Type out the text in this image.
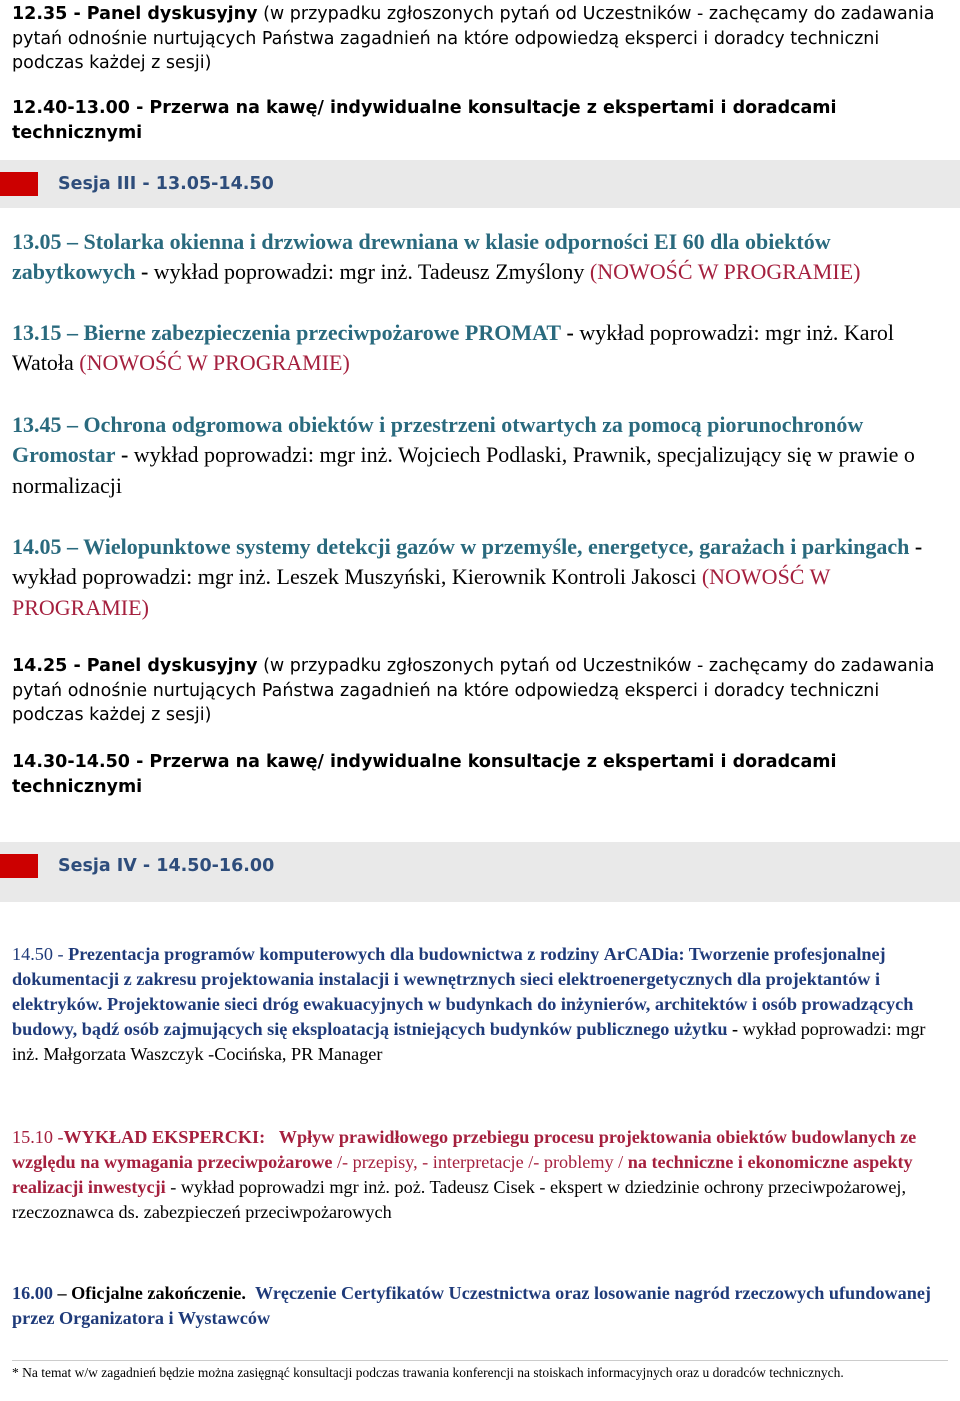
12.35 - Panel dyskusyjny (w przypadku zgłoszonych pytań od Uczestników - zachęcamy do zadawania pytań odnośnie nurtujących Państwa zagadnień na które odpowiedzą eksperci i doradcy techniczni podczas każdej z sesji)
12.40-13.00 - Przerwa na kawę/ indywidualne konsultacje z ekspertami i doradcami technicznymi
Sesja III - 13.05-14.50
13.05 – Stolarka okienna i drzwiowa drewniana w klasie odporności EI 60 dla obiektów zabytkowych - wykład poprowadzi: mgr inż. Tadeusz Zmyślony (NOWOŚĆ W PROGRAMIE)
13.15 – Bierne zabezpieczenia przeciwpożarowe PROMAT - wykład poprowadzi: mgr inż. Karol Watoła (NOWOŚĆ W PROGRAMIE)
13.45 – Ochrona odgromowa obiektów i przestrzeni otwartych za pomocą piorunochronów Gromostar - wykład poprowadzi: mgr inż. Wojciech Podlaski, Prawnik, specjalizujący się w prawie o normalizacji
14.05 – Wielopunktowe systemy detekcji gazów w przemyśle, energetyce, garażach i parkingach - wykład poprowadzi: mgr inż. Leszek Muszyński, Kierownik Kontroli Jakosci (NOWOŚĆ W PROGRAMIE)
14.25 - Panel dyskusyjny (w przypadku zgłoszonych pytań od Uczestników - zachęcamy do zadawania pytań odnośnie nurtujących Państwa zagadnień na które odpowiedzą eksperci i doradcy techniczni podczas każdej z sesji)
14.30-14.50 - Przerwa na kawę/ indywidualne konsultacje z ekspertami i doradcami technicznymi
Sesja IV - 14.50-16.00
14.50 - Prezentacja programów komputerowych dla budownictwa z rodziny ArCADia: Tworzenie profesjonalnej dokumentacji z zakresu projektowania instalacji i wewnętrznych sieci elektroenergetycznych dla projektantów i elektryków. Projektowanie sieci dróg ewakuacyjnych w budynkach do inżynierów, architektów i osób prowadzących budowy, bądź osób zajmujących się eksploatacją istniejących budynków publicznego użytku - wykład poprowadzi: mgr inż. Małgorzata Waszczyk -Cocińska, PR Manager
15.10 -WYKŁAD EKSPERCKI: Wpływ prawidłowego przebiegu procesu projektowania obiektów budowlanych ze względu na wymagania przeciwpożarowe /- przepisy, - interpretacje /- problemy / na techniczne i ekonomiczne aspekty realizacji inwestycji - wykład poprowadzi mgr inż. poż. Tadeusz Cisek - ekspert w dziedzinie ochrony przeciwpożarowej, rzeczoznawca ds. zabezpieczeń przeciwpożarowych
16.00 – Oficjalne zakończenie. Wręczenie Certyfikatów Uczestnictwa oraz losowanie nagród rzeczowych ufundowanej przez Organizatora i Wystawców
* Na temat w/w zagadnień będzie można zasięgnąć konsultacji podczas trawania konferencji na stoiskach informacyjnych oraz u doradców technicznych.
